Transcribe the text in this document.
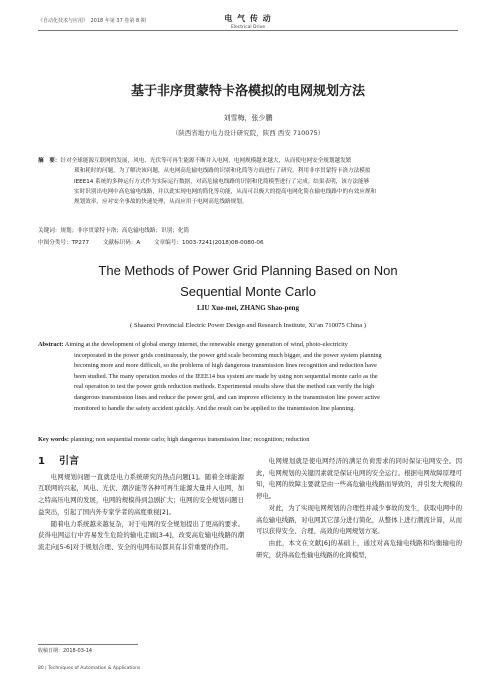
《自动化技术与应用》　2018 年第 37 卷第 8 期	电 气 传 动
Electrical Drive
基于非序贯蒙特卡洛模拟的电网规划方法
刘雪梅，张少鹏
（陕西省地方电力设计研究院，陕西 西安 710075）
摘　要：针对全球能源互联网的发展，风电、光伏等可再生能源不断并入电网，电网规模越来越大，从而使电网安全规划越发繁
琐和耗时的问题，为了解决该问题，从电网高危输电线路的识别和化简等方面进行了研究。利用非序贯蒙特卡洛方法模拟
IEEE14 系统的多种运行方式作为实际运行数据，对高危输电线路的识别和化简模型进行了完成。结果表明，该方法能够
实时识别出电网中高危输电线路，并以此实现电网的简化等功能，从而可以极大的提高电网化简在输电线路中的有效应规和
规划效率，应对安全事故的快速处理，从而应用于电网高危线路规划。
关键词：规划；非序贯蒙特卡洛；高危输电线路；识别；化简
中图分类号：TP277 文献标识码：A 文章编号：1003-7241(2018)08-0080-06
The Methods of Power Grid Planning Based on Non
Sequential Monte Carlo
LIU Xue-mei, ZHANG Shao-peng
( Shaanxi Provincial Electric Power Design and Research Institute, Xi’an 710075 China )
Abstract: Aiming at the development of global energy internet, the renewable energy generation of wind, photo-electricity
incorporated in the power grids continuously, the power grid scale becoming much bigger, and the power system planning
becoming more and more difficult, so the problems of high dangerous transmission lines recognition and reduction have
been studied. The many operation modes of the IEEE14 bus system are made by using non sequential monte carlo as the
real operation to test the power grids reduction methods. Experimental results show that the method can verify the high
dangerous transmission lines and reduce the power grid, and can improve efficiency in the transmission line power active
monitored to handle the safety accident quickly. And the result can be applied to the transmission line planning.
Key words: planning; non sequential monte carlo; high dangerous transmission line; recognition; reduction
1 引言

电网规划问题一直就是电力系统研究的热点问题[1]。随着全球能源互联网的兴起，风电、光伏、潮汐能等各种可再生能源大量并入电网，加之特高压电网的发展，电网的规模得到急剧扩大；电网的安全规划问题日益突出，引起了国内外专家学者的高度重视[2]。

随着电力系统越来越复杂，对于电网的安全规划提出了更高的要求。获得电网运行中容易发生危险的输电走廊[3-4]，改变高危输电线路的潮流走向[5-6]对于规划合理、安全的电网布局都具有非常重要的作用。

电网规划就是使电网经济的满足负荷需求的同时保证电网安全。因此，电网规划的关键因素就是保证电网的安全运行。根据电网故障原理可知，电网的故障主要就是由一些高危输电线路而导致的，并引发大规模的停电。

对此，为了实现电网规划的合理性并减少事故的发生，获取电网中的高危输电线路，对电网其它部分进行简化，从整体上进行潮流计算，从而可以获得安全、合理、高效的电网规划方案。

由此，本文在文献[6]的基础上，通过对高危输电线路和均衡输电的研究，获得高危性输电线路的化简模型，

收稿日期：2018-03-14
80 | Techniques of Automation & Applications
